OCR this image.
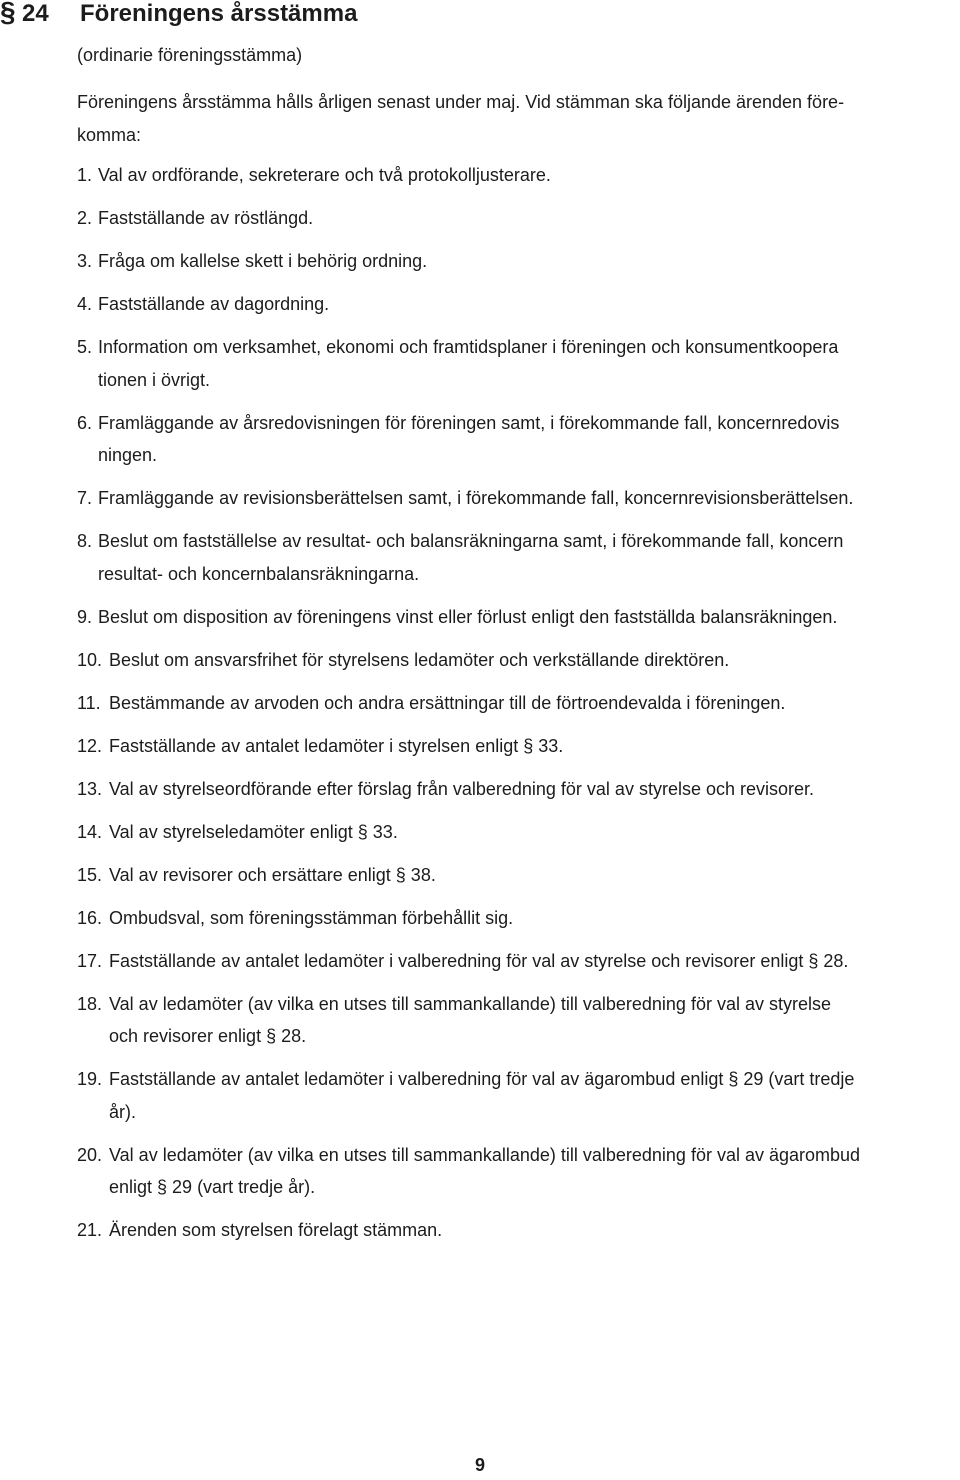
§ 24	Föreningens årsstämma
(ordinarie föreningsstämma)
Föreningens årsstämma hålls årligen senast under maj. Vid stämman ska följande ärenden före-
komma:
1. Val av ordförande, sekreterare och två protokolljusterare.
2. Fastställande av röstlängd.
3. Fråga om kallelse skett i behörig ordning.
4. Fastställande av dagordning.
5. Information om verksamhet, ekonomi och framtidsplaner i föreningen och konsumentkoopera
tionen i övrigt.
6. Framläggande av årsredovisningen för föreningen samt, i förekommande fall, koncernredovis
ningen.
7. Framläggande av revisionsberättelsen samt, i förekommande fall, koncernrevisionsberättelsen.
8. Beslut om fastställelse av resultat- och balansräkningarna samt, i förekommande fall, koncern
resultat- och koncernbalansräkningarna.
9. Beslut om disposition av föreningens vinst eller förlust enligt den fastställda balansräkningen.
10. Beslut om ansvarsfrihet för styrelsens ledamöter och verkställande direktören.
11. Bestämmande av arvoden och andra ersättningar till de förtroendevalda i föreningen.
12. Fastställande av antalet ledamöter i styrelsen enligt § 33.
13. Val av styrelseordförande efter förslag från valberedning för val av styrelse och revisorer.
14. Val av styrelseledamöter enligt § 33.
15. Val av revisorer och ersättare enligt § 38.
16. Ombudsval, som föreningsstämman förbehållit sig.
17. Fastställande av antalet ledamöter i valberedning för val av styrelse och revisorer enligt § 28.
18. Val av ledamöter (av vilka en utses till sammankallande) till valberedning för val av styrelse
och revisorer enligt § 28.
19. Fastställande av antalet ledamöter i valberedning för val av ägarombud enligt § 29 (vart tredje
år).
20. Val av ledamöter (av vilka en utses till sammankallande) till valberedning för val av ägarombud
enligt § 29 (vart tredje år).
21. Ärenden som styrelsen förelagt stämman.
9
